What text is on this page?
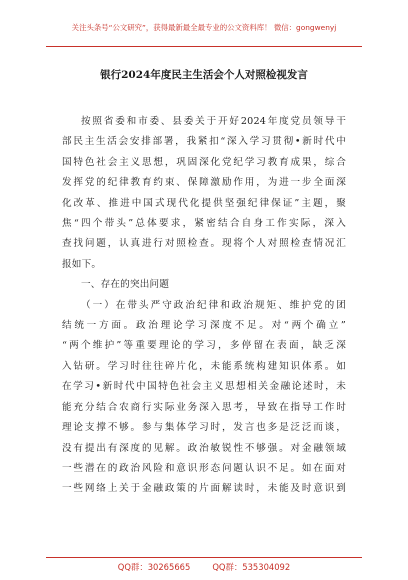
关注头条号“公文研究”，获得最新最全最专业的公文资料库！ 微信：gongwenyj
银行2024年度民主生活会个人对照检视发言
按照省委和市委、县委关于开好2024年度党员领导干
部民主生活会安排部署，我紧扣“深入学习贯彻•新时代中
国特色社会主义思想，巩固深化党纪学习教育成果，综合
发挥党的纪律教育约束、保障激励作用，为进一步全面深
化改革、推进中国式现代化提供坚强纪律保证”主题，聚
焦“四个带头”总体要求，紧密结合自身工作实际，深入
查找问题，认真进行对照检查。现将个人对照检查情况汇
报如下。
一、存在的突出问题
（一）在带头严守政治纪律和政治规矩、维护党的团
结统一方面。政治理论学习深度不足。对“两个确立”
“两个维护”等重要理论的学习，多停留在表面，缺乏深
入钻研。学习时往往碎片化，未能系统构建知识体系。如
在学习•新时代中国特色社会主义思想相关金融论述时，未
能充分结合农商行实际业务深入思考，导致在指导工作时
理论支撑不够。参与集体学习时，发言也多是泛泛而谈，
没有提出有深度的见解。政治敏锐性不够强。对金融领域
一些潜在的政治风险和意识形态问题认识不足。如在面对
一些网络上关于金融政策的片面解读时，未能及时意识到
QQ群：30265665	QQ群：535304092
